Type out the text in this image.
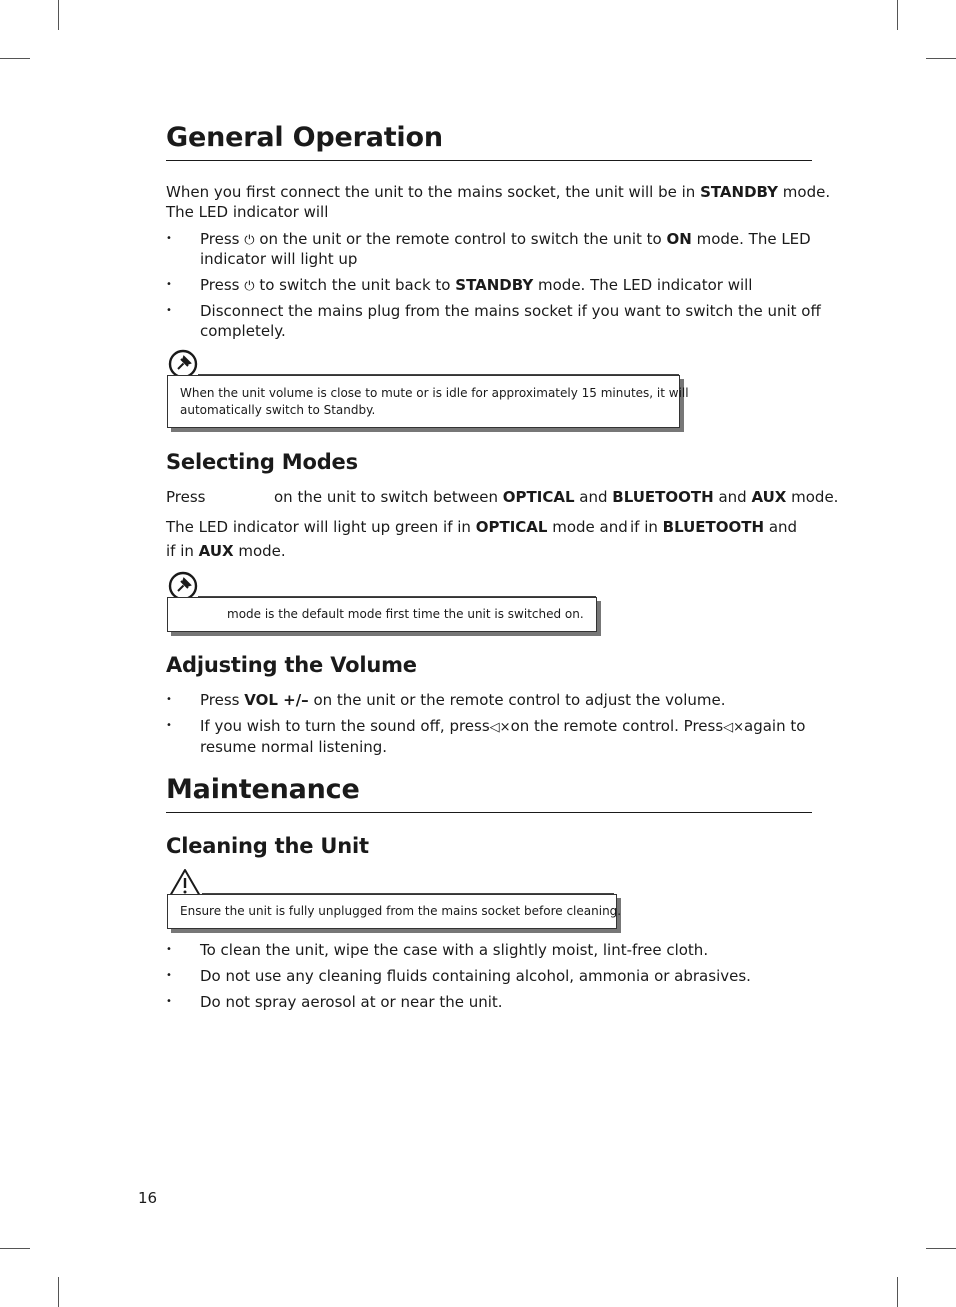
General Operation
When you first connect the unit to the mains socket, the unit will be in STANDBY mode.
The LED indicator will
• Press ⏻ on the unit or the remote control to switch the unit to ON mode. The LED
indicator will light up
• Press ⏻ to switch the unit back to STANDBY mode. The LED indicator will
• Disconnect the mains plug from the mains socket if you want to switch the unit off
completely.
When the unit volume is close to mute or is idle for approximately 15 minutes, it will
automatically switch to Standby.
Selecting Modes
Press	on the unit to switch between OPTICAL and BLUETOOTH and AUX mode.
The LED indicator will light up green if in OPTICAL mode and if in BLUETOOTH and
if in AUX mode.
mode is the default mode first time the unit is switched on.
Adjusting the Volume
• Press VOL +/– on the unit or the remote control to adjust the volume.
• If you wish to turn the sound off, press◁×on the remote control. Press◁×again to
resume normal listening.
Maintenance
Cleaning the Unit
Ensure the unit is fully unplugged from the mains socket before cleaning.
• To clean the unit, wipe the case with a slightly moist, lint-free cloth.
• Do not use any cleaning fluids containing alcohol, ammonia or abrasives.
• Do not spray aerosol at or near the unit.
16
